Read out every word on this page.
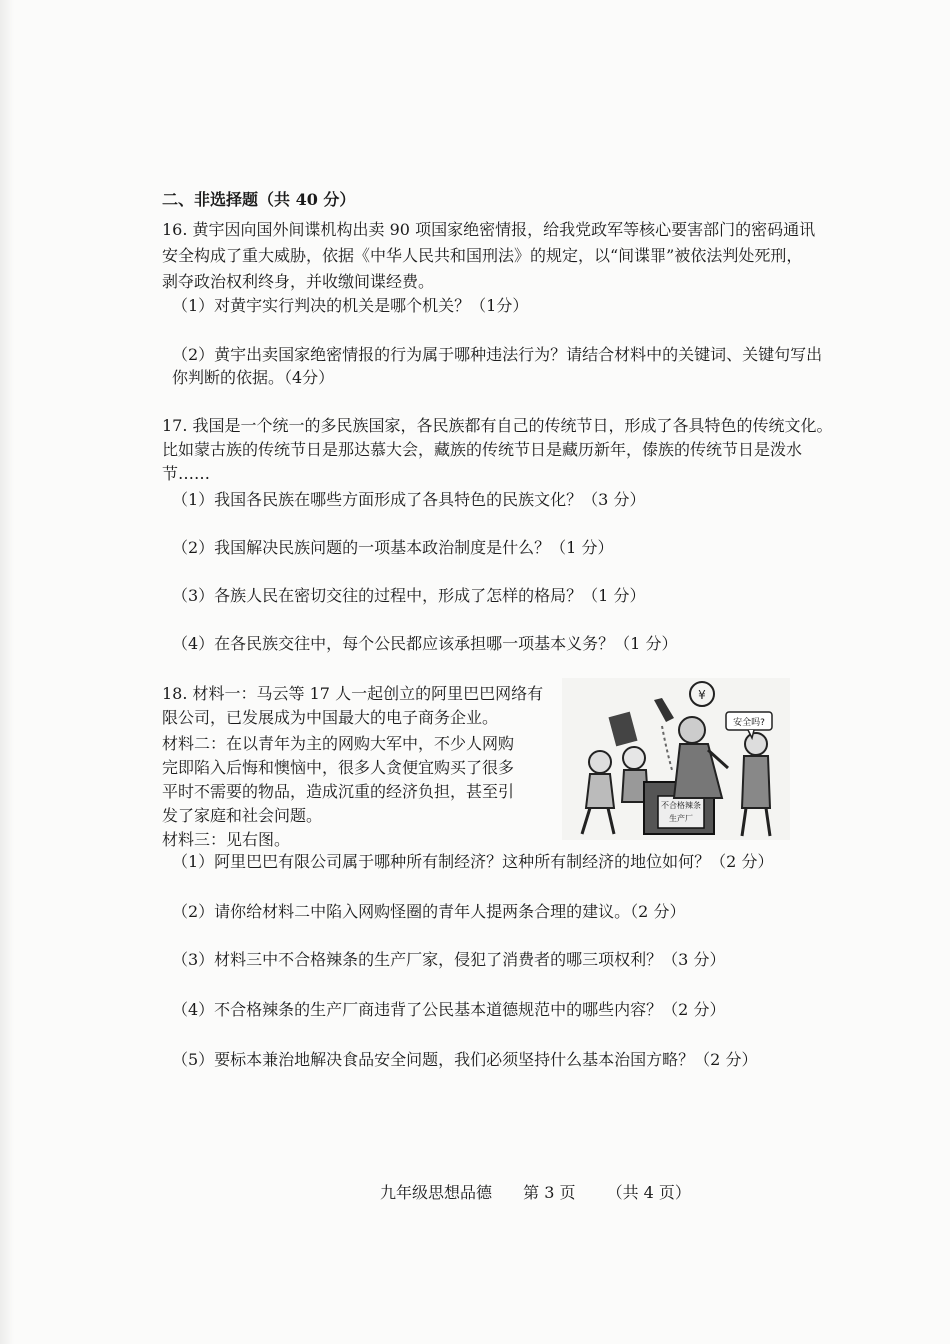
二、非选择题（共 40 分）
16. 黄宇因向国外间谍机构出卖 90 项国家绝密情报，给我党政军等核心要害部门的密码通讯
安全构成了重大威胁，依据《中华人民共和国刑法》的规定，以“间谍罪”被依法判处死刑，
剥夺政治权利终身，并收缴间谍经费。
（1）对黄宇实行判决的机关是哪个机关？（1分）
（2）黄宇出卖国家绝密情报的行为属于哪种违法行为？请结合材料中的关键词、关键句写出
你判断的依据。（4分）
17. 我国是一个统一的多民族国家，各民族都有自己的传统节日，形成了各具特色的传统文化。
比如蒙古族的传统节日是那达慕大会，藏族的传统节日是藏历新年，傣族的传统节日是泼水
节……
（1）我国各民族在哪些方面形成了各具特色的民族文化？（3 分）
（2）我国解决民族问题的一项基本政治制度是什么？（1 分）
（3）各族人民在密切交往的过程中，形成了怎样的格局？（1 分）
（4）在各民族交往中，每个公民都应该承担哪一项基本义务？（1 分）
18. 材料一：马云等 17 人一起创立的阿里巴巴网络有
限公司，已发展成为中国最大的电子商务企业。
材料二：在以青年为主的网购大军中，不少人网购
完即陷入后悔和懊恼中，很多人贪便宜购买了很多
平时不需要的物品，造成沉重的经济负担，甚至引
发了家庭和社会问题。
材料三：见右图。
¥
不合格辣条
生产厂
安全吗?
（1）阿里巴巴有限公司属于哪种所有制经济？这种所有制经济的地位如何？（2 分）
（2）请你给材料二中陷入网购怪圈的青年人提两条合理的建议。（2 分）
（3）材料三中不合格辣条的生产厂家，侵犯了消费者的哪三项权利？（3 分）
（4）不合格辣条的生产厂商违背了公民基本道德规范中的哪些内容？（2 分）
（5）要标本兼治地解决食品安全问题，我们必须坚持什么基本治国方略？（2 分）
九年级思想品德 第 3 页 （共 4 页）
